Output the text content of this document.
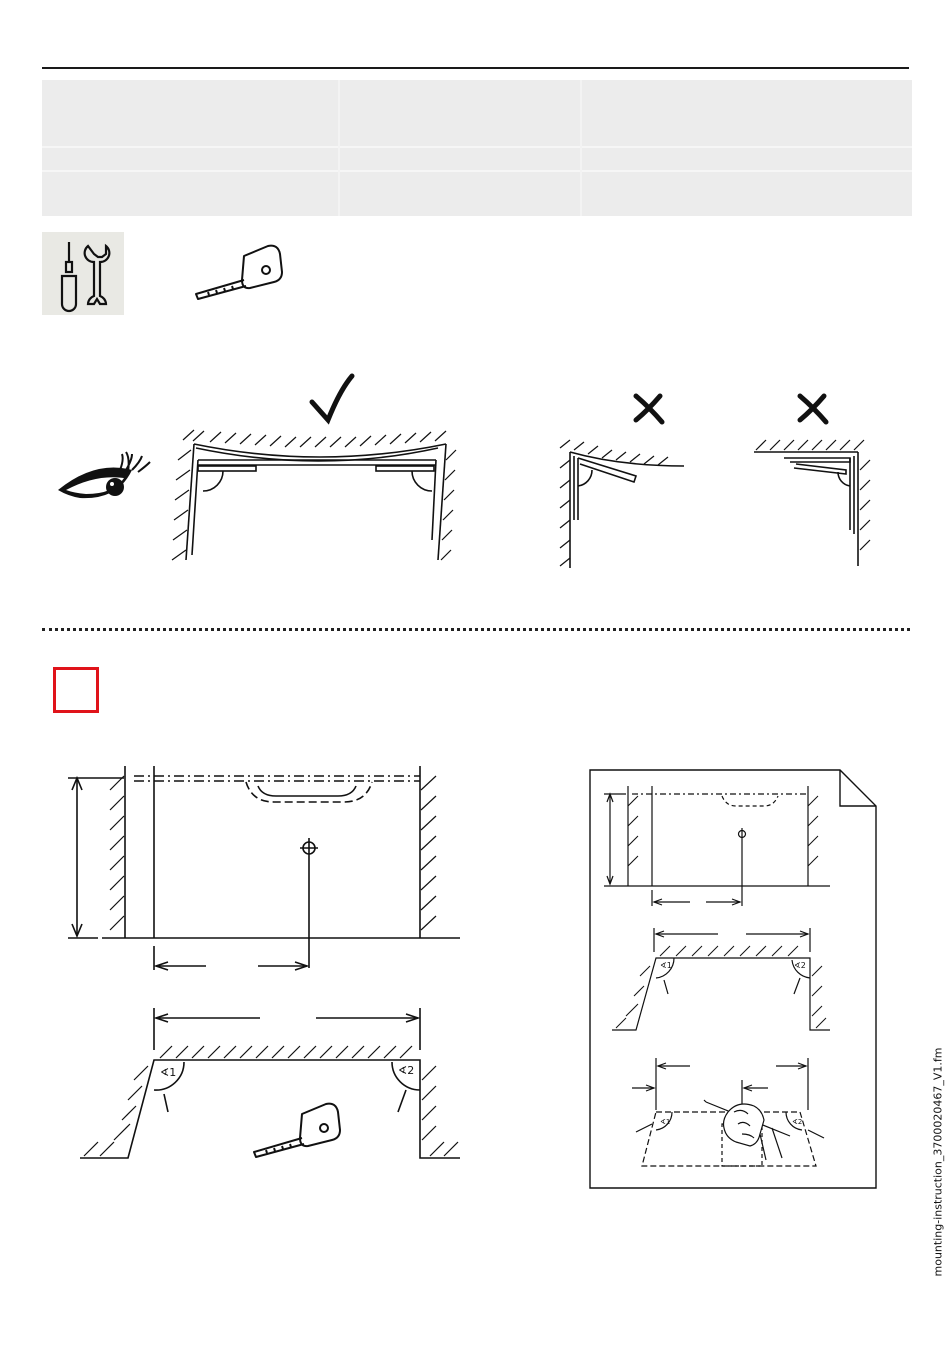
∢1	∢2
∢1	∢2
∢1	∢2	mounting-instruction_3700020467_V1.fm
